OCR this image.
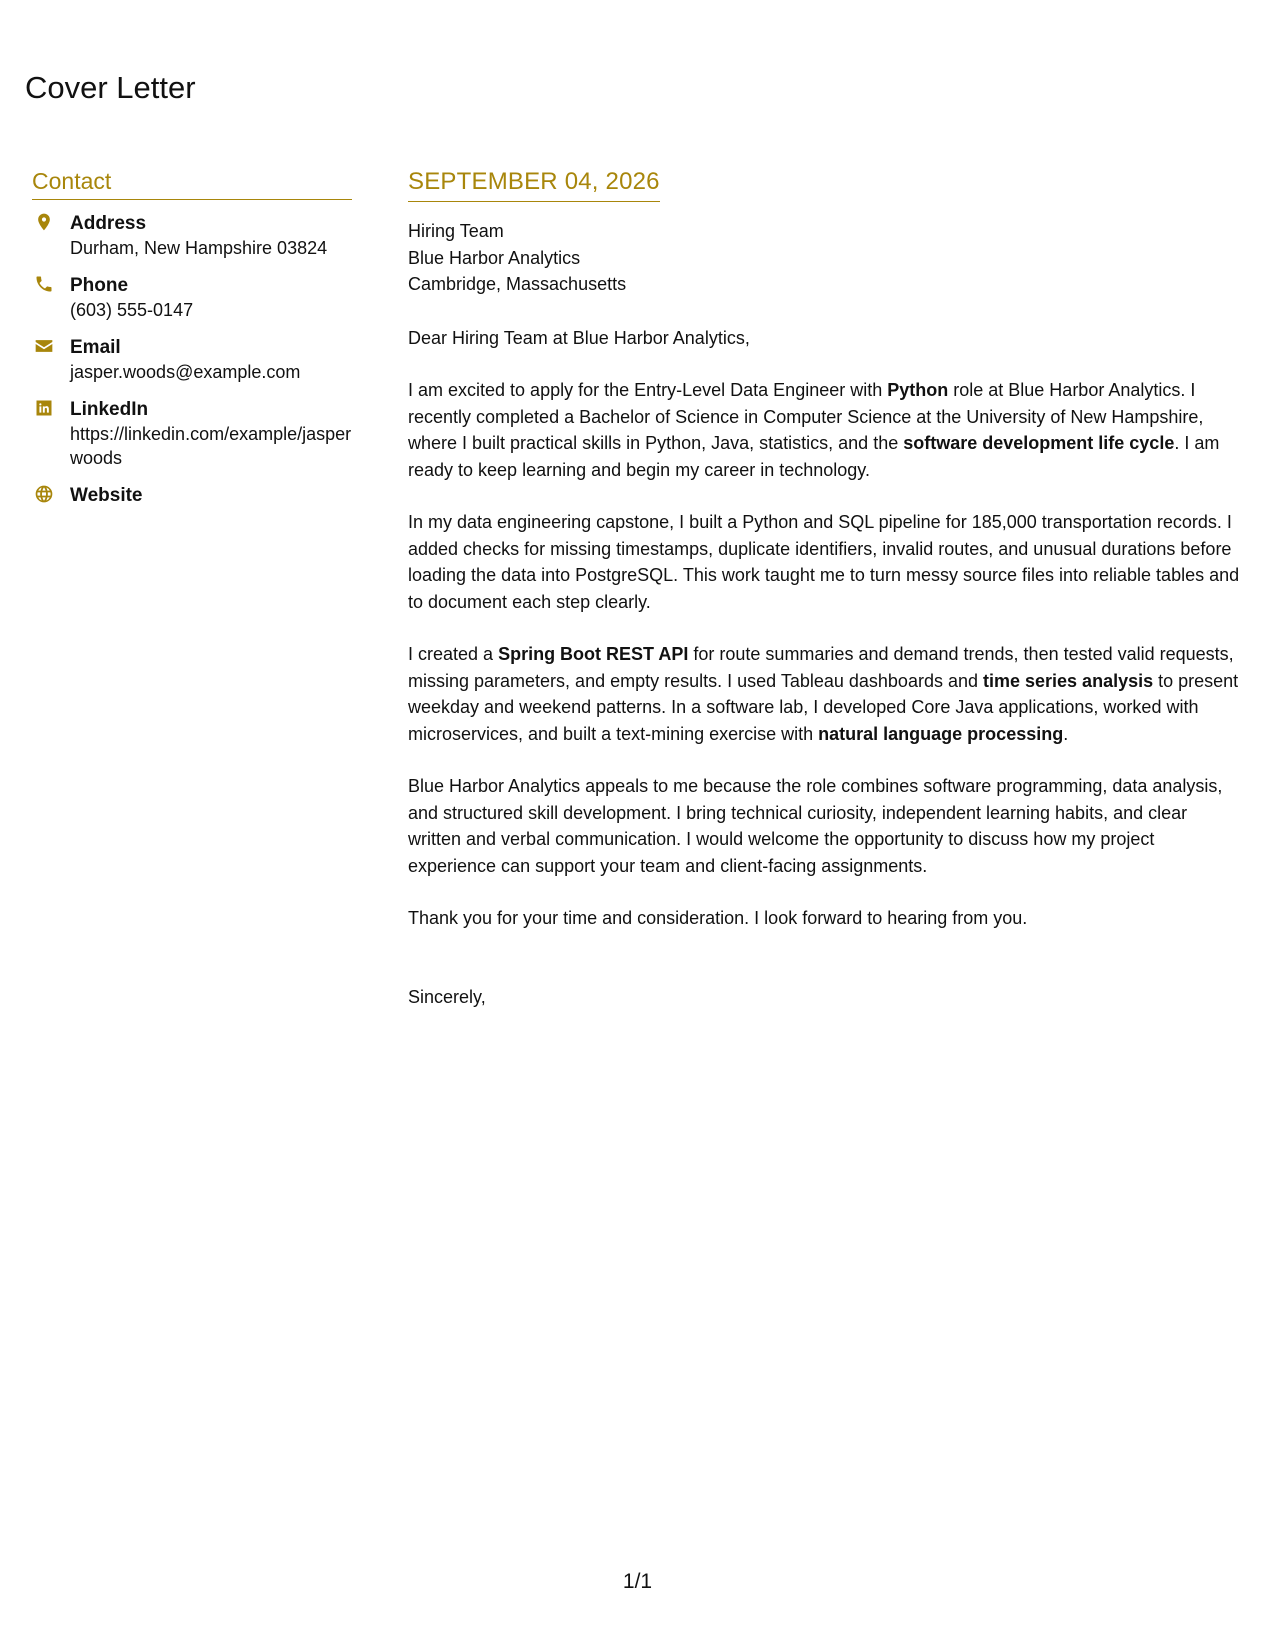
Cover Letter
Contact
Address
Durham, New Hampshire 03824
Phone
(603) 555-0147
Email
jasper.woods@example.com
LinkedIn
https://linkedin.com/example/jasperwoods
Website
SEPTEMBER 04, 2026
Hiring Team
Blue Harbor Analytics
Cambridge, Massachusetts

Dear Hiring Team at Blue Harbor Analytics,

I am excited to apply for the Entry-Level Data Engineer with Python role at Blue Harbor Analytics. I recently completed a Bachelor of Science in Computer Science at the University of New Hampshire, where I built practical skills in Python, Java, statistics, and the software development life cycle. I am ready to keep learning and begin my career in technology.

In my data engineering capstone, I built a Python and SQL pipeline for 185,000 transportation records. I added checks for missing timestamps, duplicate identifiers, invalid routes, and unusual durations before loading the data into PostgreSQL. This work taught me to turn messy source files into reliable tables and to document each step clearly.

I created a Spring Boot REST API for route summaries and demand trends, then tested valid requests, missing parameters, and empty results. I used Tableau dashboards and time series analysis to present weekday and weekend patterns. In a software lab, I developed Core Java applications, worked with microservices, and built a text-mining exercise with natural language processing.

Blue Harbor Analytics appeals to me because the role combines software programming, data analysis, and structured skill development. I bring technical curiosity, independent learning habits, and clear written and verbal communication. I would welcome the opportunity to discuss how my project experience can support your team and client-facing assignments.

Thank you for your time and consideration. I look forward to hearing from you.

Sincerely,

1/1
